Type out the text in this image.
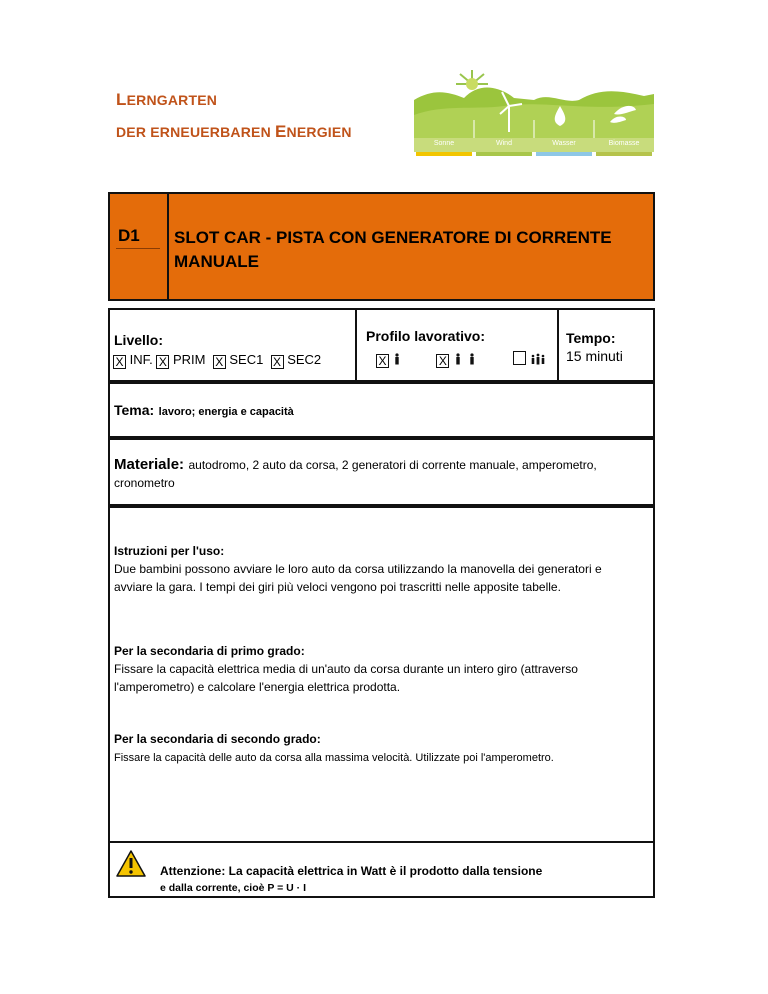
LERNGARTEN
DER ERNEUERBAREN ENERGIEN
Sonne	Wind	Wasser	Biomasse
D1 SLOT CAR - PISTA CON GENERATORE DI CORRENTE MANUALE
Livello:
X INF. X PRIM X SEC1 X SEC2
Profilo lavorativo:
X	X
Tempo:
15 minuti
Tema: lavoro; energia e capacità
Materiale: autodromo, 2 auto da corsa, 2 generatori di corrente manuale, amperometro,
cronometro
Istruzioni per l'uso:
Due bambini possono avviare le loro auto da corsa utilizzando la manovella dei generatori e
avviare la gara. I tempi dei giri più veloci vengono poi trascritti nelle apposite tabelle.
Per la secondaria di primo grado:
Fissare la capacità elettrica media di un'auto da corsa durante un intero giro (attraverso
l'amperometro) e calcolare l'energia elettrica prodotta.
Per la secondaria di secondo grado:
Fissare la capacità delle auto da corsa alla massima velocità. Utilizzate poi l'amperometro.
Attenzione: La capacità elettrica in Watt è il prodotto dalla tensione
e dalla corrente, cioè P = U · I
